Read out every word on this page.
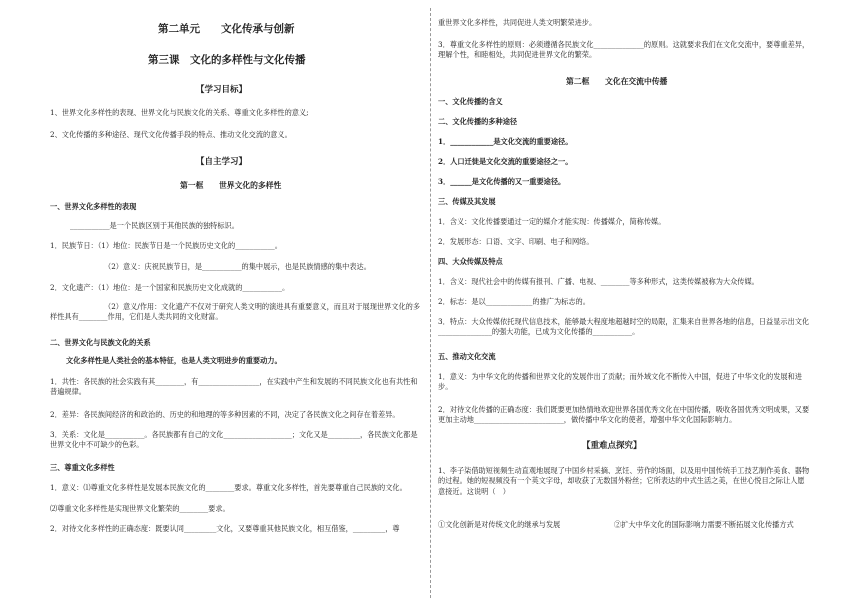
第二单元　　文化传承与创新
第三课　文化的多样性与文化传播
【学习目标】
1、世界文化多样性的表现、世界文化与民族文化的关系、尊重文化多样性的意义;
2、文化传播的多种途径、现代文化传播手段的特点、推动文化交流的意义。
【自主学习】
第一框　　世界文化的多样性
一、世界文化多样性的表现
___________是一个民族区别于其他民族的独特标识。
1．民族节日：（1）地位：民族节日是一个民族历史文化的___________。
（2）意义：庆祝民族节日，是___________的集中展示，也是民族情感的集中表达。
2．文化遗产：（1）地位：是一个国家和民族历史文化成就的___________。
（2）意义/作用：文化遗产不仅对于研究人类文明的演进具有重要意义，而且对于展现世界文化的多样性具有________作用，它们是人类共同的文化财富。
二、世界文化与民族文化的关系
文化多样性是人类社会的基本特征，也是人类文明进步的重要动力。
1．共性：各民族的社会实践有其________，有_________________，在实践中产生和发展的不同民族文化也有共性和普遍规律。
2．差异：各民族间经济的和政治的、历史的和地理的等多种因素的不同，决定了各民族文化之间存在着差异。
3．关系：文化是___________。各民族都有自己的文化___________________；文化又是_________，各民族文化都是世界文化中不可缺少的色彩。
三、尊重文化多样性
1．意义：⑴尊重文化多样性是发展本民族文化的________要求。尊重文化多样性，首先要尊重自己民族的文化。
⑵尊重文化多样性是实现世界文化繁荣的________要求。
2．对待文化多样性的正确态度：既要认同_________文化，又要尊重其他民族文化，相互借鉴，_________，尊
重世界文化多样性，共同促进人类文明繁荣进步。
3．尊重文化多样性的原则：必须遵循各民族文化______________的原则。这就要求我们在文化交流中，要尊重差异，理解个性，和睦相处，共同促进世界文化的繁荣。
第二框　　文化在交流中传播
一、文化传播的含义
二、文化传播的多种途径
1．____________是文化交流的重要途径。
2．人口迁徙是文化交流的重要途径之一。
3．______是文化传播的又一重要途径。
三、传媒及其发展
1．含义：文化传播要通过一定的媒介才能实现：传播媒介，简称传媒。
2．发展形态：口语、文字、印刷、电子和网络。
四、大众传媒及特点
1．含义：现代社会中的传媒有报刊、广播、电视、________等多种形式，这类传媒被称为大众传媒。
2．标志：是以_____________的推广为标志的。
3．特点：大众传媒依托现代信息技术，能够最大程度地超越时空的局限，汇集来自世界各地的信息，日益显示出文化_______________的强大功能，已成为文化传播的___________。
五、推动文化交流
1．意义：为中华文化的传播和世界文化的发展作出了贡献；而外域文化不断传入中国，促进了中华文化的发展和进步。
2．对待文化传播的正确态度：我们既要更加热情地欢迎世界各国优秀文化在中国传播，吸收各国优秀文明成果，又要更加主动地_________________________，做传播中华文化的使者，增强中华文化国际影响力。
【重难点探究】
1、李子柒借助短视频生动直观地展现了中国乡村采摘、烹饪、劳作的场面，以及用中国传统手工技艺制作美食、器物的过程。她的短视频没有一个英文字母，却收获了无数国外粉丝；它所表达的中式生活之美，在世心悦目之际让人愿意接近。这说明（　）
①文化创新是对传统文化的继承与发展	②扩大中华文化的国际影响力需要不断拓展文化传播方式
